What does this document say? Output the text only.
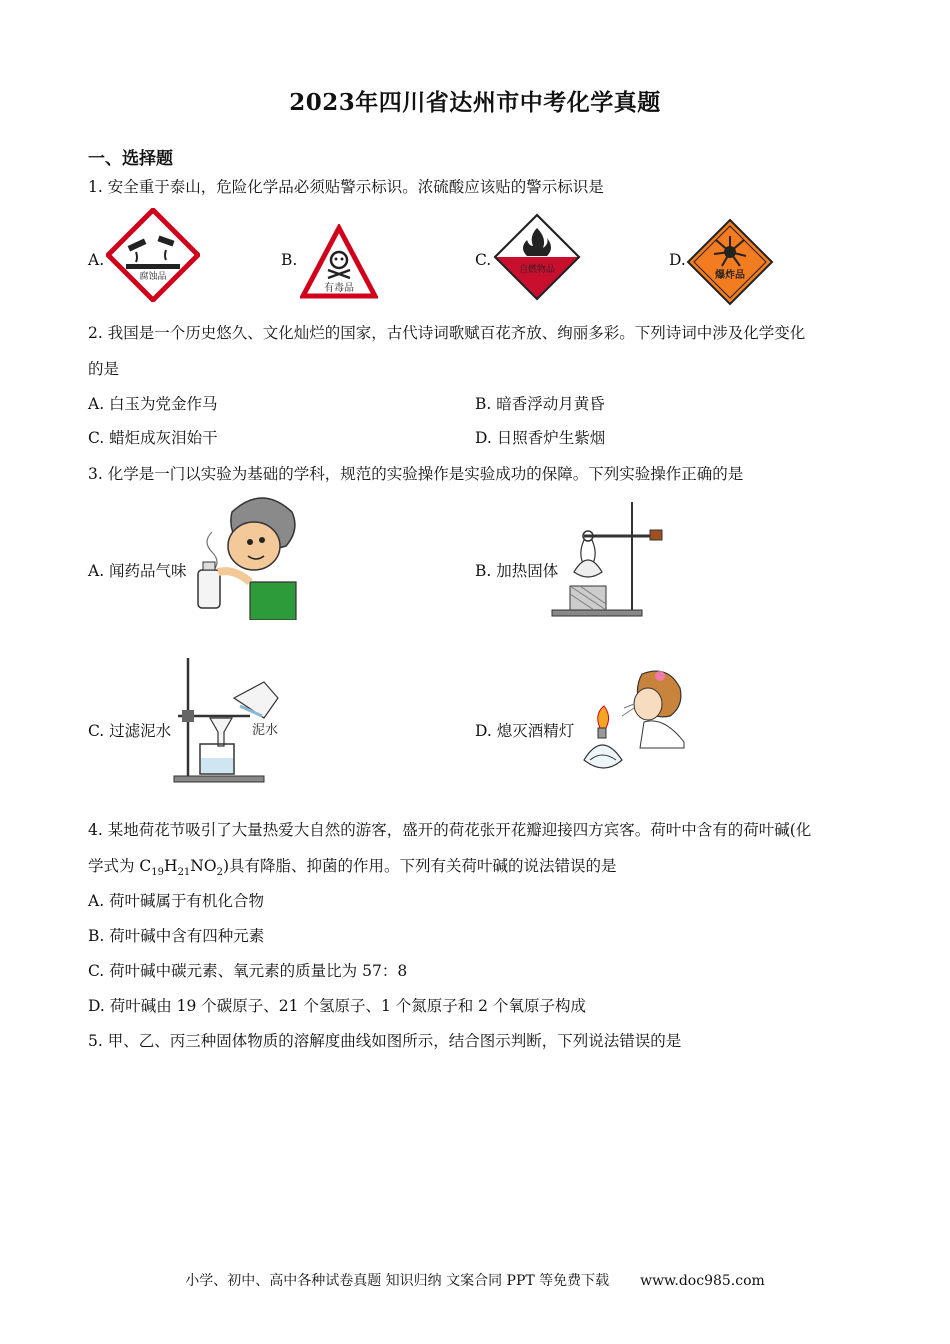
2023年四川省达州市中考化学真题
一、选择题
1. 安全重于泰山，危险化学品必须贴警示标识。浓硫酸应该贴的警示标识是
A.
腐蚀品
B.
有毒品
C.
自燃物品
D.
爆炸品
2. 我国是一个历史悠久、文化灿烂的国家，古代诗词歌赋百花齐放、绚丽多彩。下列诗词中涉及化学变化
的是
A. 白玉为党金作马	B. 暗香浮动月黄昏
C. 蜡炬成灰泪始干	D. 日照香炉生紫烟
3. 化学是一门以实验为基础的学科，规范的实验操作是实验成功的保障。下列实验操作正确的是
A. 闻药品气味	B. 加热固体
C. 过滤泥水	泥水	D. 熄灭酒精灯
4. 某地荷花节吸引了大量热爱大自然的游客，盛开的荷花张开花瓣迎接四方宾客。荷叶中含有的荷叶碱(化
学式为 $C_{19}H_{21}NO_2$)具有降脂、抑菌的作用。下列有关荷叶碱的说法错误的是
A. 荷叶碱属于有机化合物
B. 荷叶碱中含有四种元素
C. 荷叶碱中碳元素、氧元素的质量比为 57：8
D. 荷叶碱由 19 个碳原子、21 个氢原子、1 个氮原子和 2 个氧原子构成
5. 甲、乙、丙三种固体物质的溶解度曲线如图所示，结合图示判断，下列说法错误的是
小学、初中、高中各种试卷真题 知识归纳 文案合同 PPT 等免费下载 www.doc985.com
